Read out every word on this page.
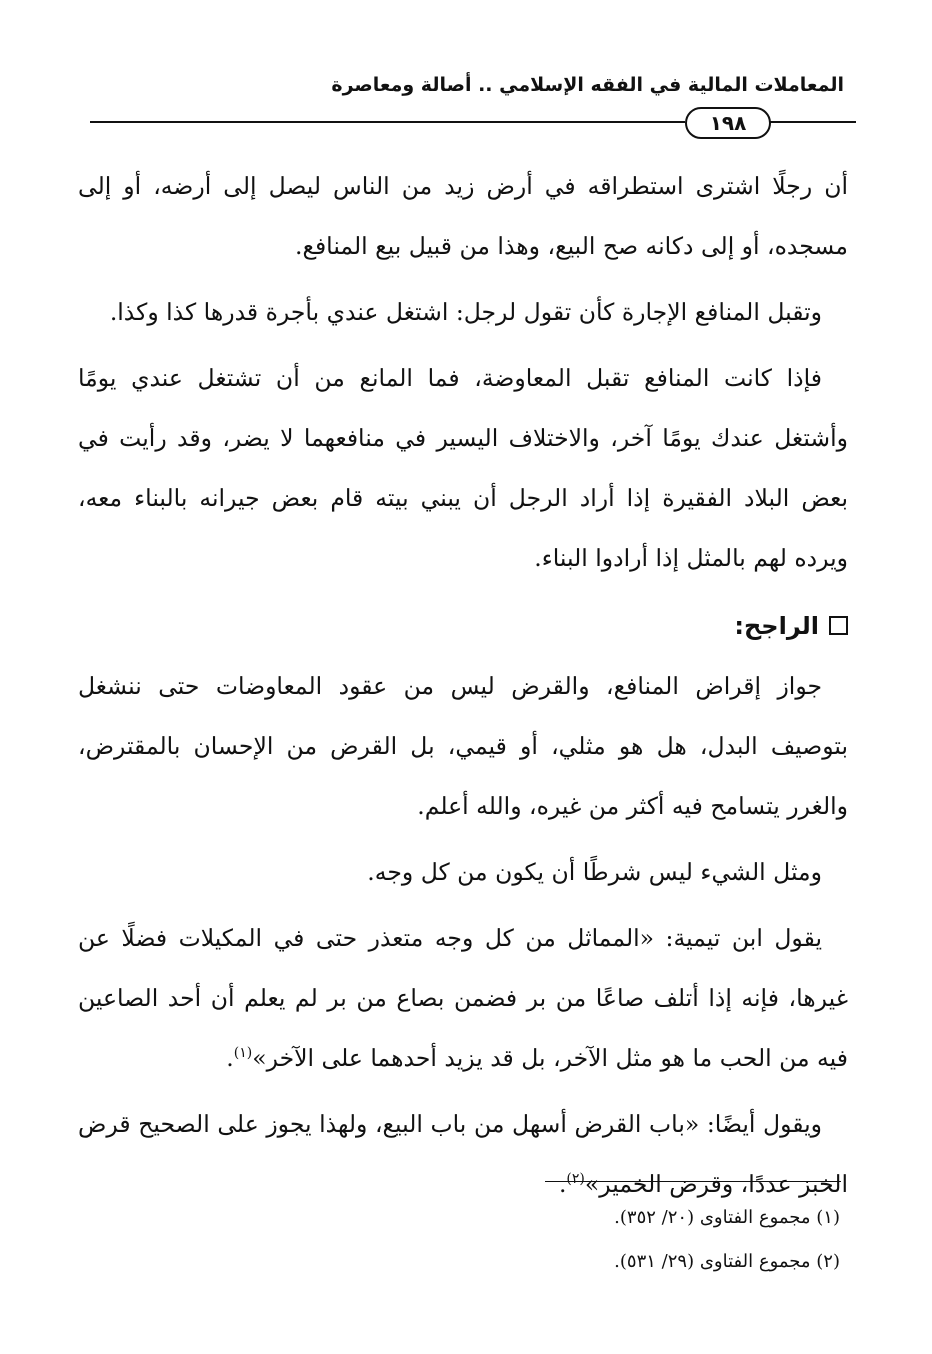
المعاملات المالية في الفقه الإسلامي .. أصالة ومعاصرة
١٩٨

أن رجلًا اشترى استطراقه في أرض زيد من الناس ليصل إلى أرضه، أو إلى مسجده، أو إلى دكانه صح البيع، وهذا من قبيل بيع المنافع.

وتقبل المنافع الإجارة كأن تقول لرجل: اشتغل عندي بأجرة قدرها كذا وكذا.

فإذا كانت المنافع تقبل المعاوضة، فما المانع من أن تشتغل عندي يومًا وأشتغل عندك يومًا آخر، والاختلاف اليسير في منافعهما لا يضر، وقد رأيت في بعض البلاد الفقيرة إذا أراد الرجل أن يبني بيته قام بعض جيرانه بالبناء معه، ويرده لهم بالمثل إذا أرادوا البناء.

الراجح:

جواز إقراض المنافع، والقرض ليس من عقود المعاوضات حتى ننشغل بتوصيف البدل، هل هو مثلي، أو قيمي، بل القرض من الإحسان بالمقترض، والغرر يتسامح فيه أكثر من غيره، والله أعلم.

ومثل الشيء ليس شرطًا أن يكون من كل وجه.

يقول ابن تيمية: «المماثل من كل وجه متعذر حتى في المكيلات فضلًا عن غيرها، فإنه إذا أتلف صاعًا من بر فضمن بصاع من بر لم يعلم أن أحد الصاعين فيه من الحب ما هو مثل الآخر، بل قد يزيد أحدهما على الآخر»$^{(١)}$.

ويقول أيضًا: «باب القرض أسهل من باب البيع، ولهذا يجوز على الصحيح قرض الخبز عددًا، وقرض الخمير»$^{(٢)}$.

(١) مجموع الفتاوى (٢٠/ ٣٥٢).
(٢) مجموع الفتاوى (٢٩/ ٥٣١).
